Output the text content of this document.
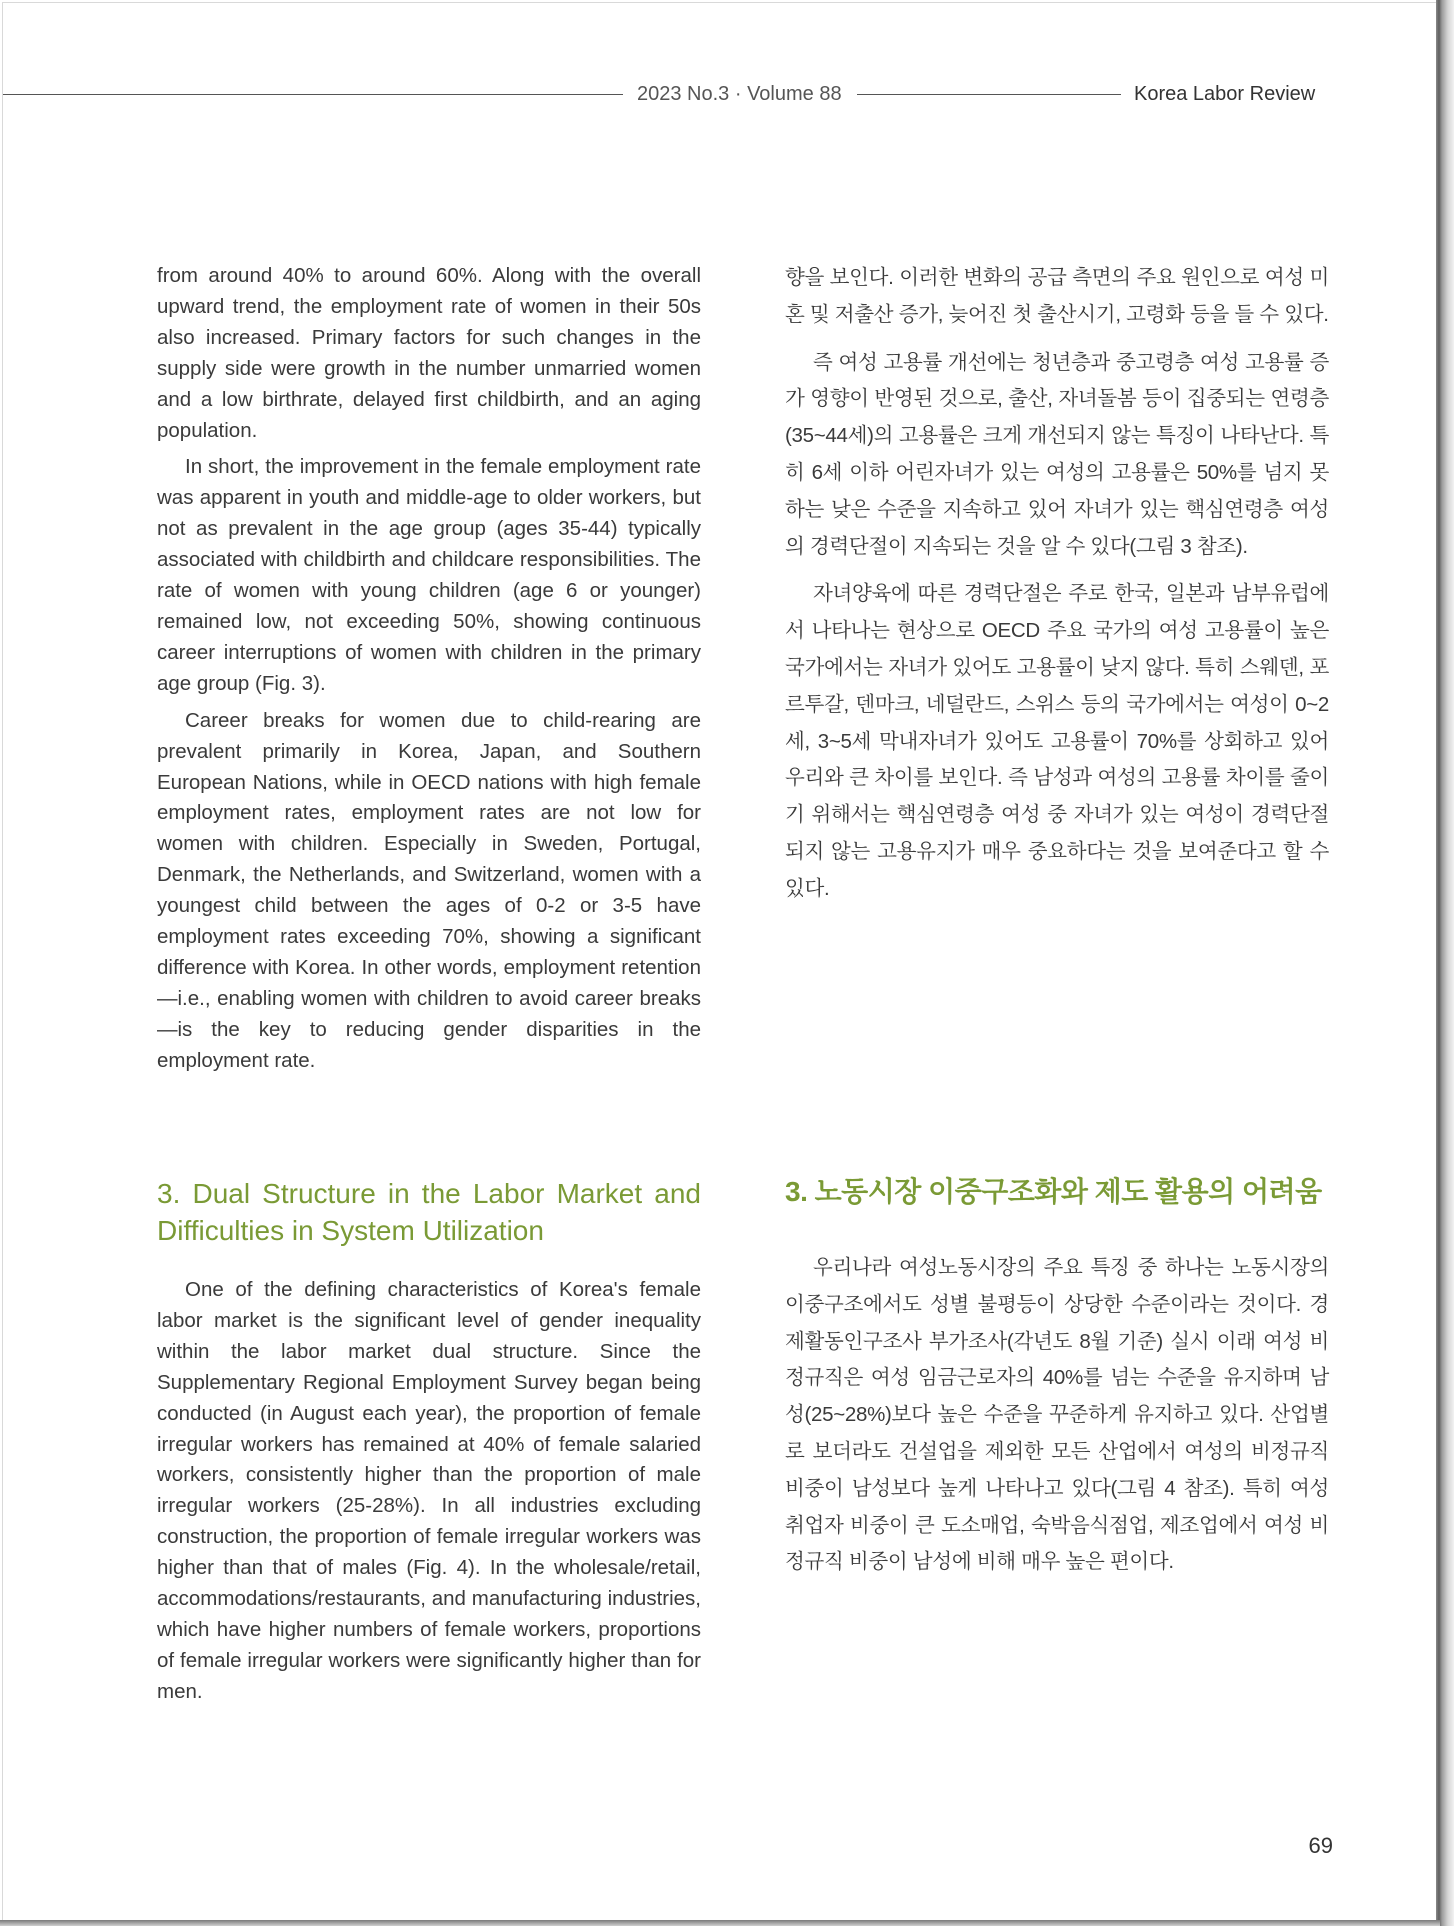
2023 No.3 · Volume 88	Korea Labor Review

from around 40% to around 60%. Along with the overall upward trend, the employment rate of women in their 50s also increased. Primary factors for such changes in the supply side were growth in the number unmarried women and a low birthrate, delayed first childbirth, and an aging population.

In short, the improvement in the female employment rate was apparent in youth and middle-age to older workers, but not as prevalent in the age group (ages 35-44) typically associated with childbirth and childcare responsibilities. The rate of women with young children (age 6 or younger) remained low, not exceeding 50%, showing continuous career interruptions of women with children in the primary age group (Fig. 3).

Career breaks for women due to child-rearing are prevalent primarily in Korea, Japan, and Southern European Nations, while in OECD nations with high female employment rates, employment rates are not low for women with children. Especially in Sweden, Portugal, Denmark, the Netherlands, and Switzerland, women with a youngest child between the ages of 0-2 or 3-5 have employment rates exceeding 70%, showing a significant difference with Korea. In other words, employment retention—i.e., enabling women with children to avoid career breaks—is the key to reducing gender disparities in the employment rate.

향을 보인다. 이러한 변화의 공급 측면의 주요 원인으로 여성 미혼 및 저출산 증가, 늦어진 첫 출산시기, 고령화 등을 들 수 있다.

즉 여성 고용률 개선에는 청년층과 중고령층 여성 고용률 증가 영향이 반영된 것으로, 출산, 자녀돌봄 등이 집중되는 연령층(35~44세)의 고용률은 크게 개선되지 않는 특징이 나타난다. 특히 6세 이하 어린자녀가 있는 여성의 고용률은 50%를 넘지 못하는 낮은 수준을 지속하고 있어 자녀가 있는 핵심연령층 여성의 경력단절이 지속되는 것을 알 수 있다(그림 3 참조).

자녀양육에 따른 경력단절은 주로 한국, 일본과 남부유럽에서 나타나는 현상으로 OECD 주요 국가의 여성 고용률이 높은 국가에서는 자녀가 있어도 고용률이 낮지 않다. 특히 스웨덴, 포르투갈, 덴마크, 네덜란드, 스위스 등의 국가에서는 여성이 0~2세, 3~5세 막내자녀가 있어도 고용률이 70%를 상회하고 있어 우리와 큰 차이를 보인다. 즉 남성과 여성의 고용률 차이를 줄이기 위해서는 핵심연령층 여성 중 자녀가 있는 여성이 경력단절 되지 않는 고용유지가 매우 중요하다는 것을 보여준다고 할 수 있다.

3. Dual Structure in the Labor Market and Difficulties in System Utilization
3. 노동시장 이중구조화와 제도 활용의 어려움

One of the defining characteristics of Korea's female labor market is the significant level of gender inequality within the labor market dual structure. Since the Supplementary Regional Employment Survey began being conducted (in August each year), the proportion of female irregular workers has remained at 40% of female salaried workers, consistently higher than the proportion of male irregular workers (25-28%). In all industries excluding construction, the proportion of female irregular workers was higher than that of males (Fig. 4). In the wholesale/retail, accommodations/restaurants, and manufacturing industries, which have higher numbers of female workers, proportions of female irregular workers were significantly higher than for men.

우리나라 여성노동시장의 주요 특징 중 하나는 노동시장의 이중구조에서도 성별 불평등이 상당한 수준이라는 것이다. 경제활동인구조사 부가조사(각년도 8월 기준) 실시 이래 여성 비정규직은 여성 임금근로자의 40%를 넘는 수준을 유지하며 남성(25~28%)보다 높은 수준을 꾸준하게 유지하고 있다. 산업별로 보더라도 건설업을 제외한 모든 산업에서 여성의 비정규직 비중이 남성보다 높게 나타나고 있다(그림 4 참조). 특히 여성 취업자 비중이 큰 도소매업, 숙박음식점업, 제조업에서 여성 비정규직 비중이 남성에 비해 매우 높은 편이다.

69
